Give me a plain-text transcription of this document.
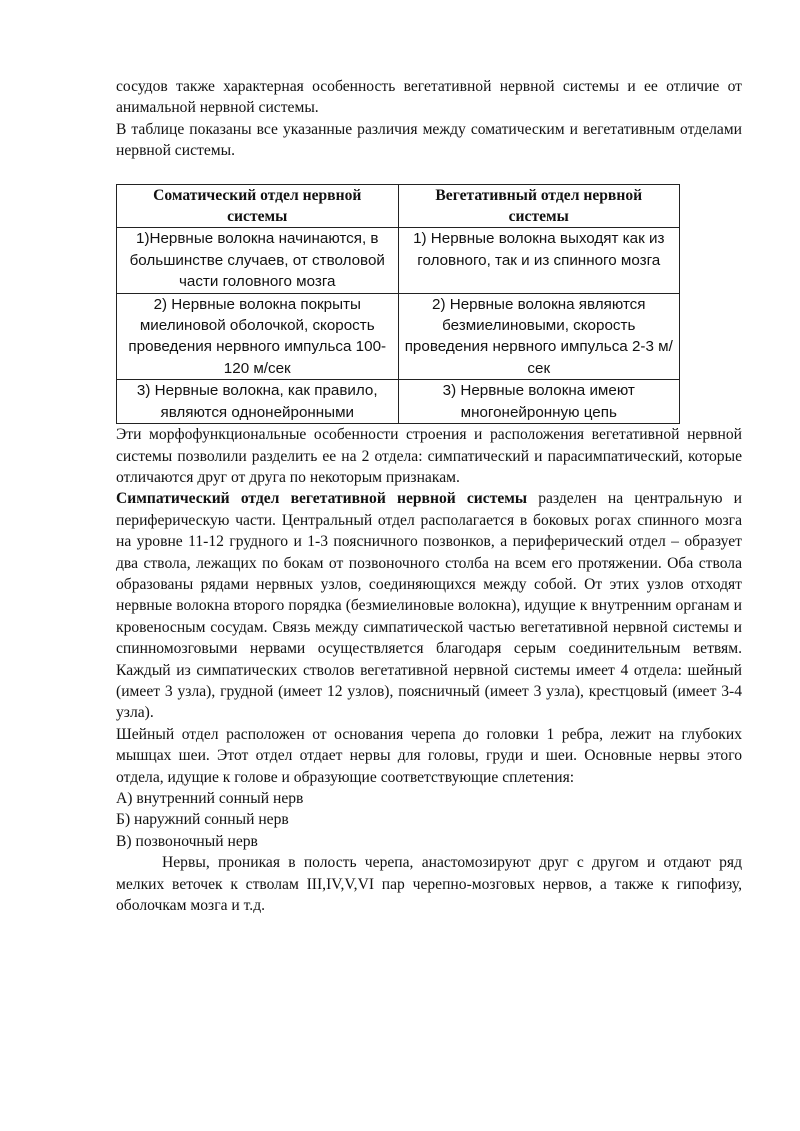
сосудов также характерная особенность вегетативной нервной системы и ее отличие от анимальной нервной системы.

В таблице показаны все указанные различия между соматическим и вегетативным отделами нервной системы.

Соматический отдел нервной системы	Вегетативный отдел нервной системы
1)Нервные волокна начинаются, в большинстве случаев, от стволовой части головного мозга	1) Нервные волокна выходят как из головного, так и из спинного мозга
2) Нервные волокна покрыты миелиновой оболочкой, скорость проведения нервного импульса 100-120 м/сек	2) Нервные волокна являются безмиелиновыми, скорость проведения нервного импульса 2-3 м/сек
3) Нервные волокна, как правило, являются однонейронными	3) Нервные волокна имеют многонейронную цепь

Эти морфофункциональные особенности строения и расположения вегетативной нервной системы позволили разделить ее на 2 отдела: симпатический и парасимпатический, которые отличаются друг от друга по некоторым признакам.

Симпатический отдел вегетативной нервной системы разделен на центральную и периферическую части. Центральный отдел располагается в боковых рогах спинного мозга на уровне 11-12 грудного и 1-3 поясничного позвонков, а периферический отдел – образует два ствола, лежащих по бокам от позвоночного столба на всем его протяжении. Оба ствола образованы рядами нервных узлов, соединяющихся между собой. От этих узлов отходят нервные волокна второго порядка (безмиелиновые волокна), идущие к внутренним органам и кровеносным сосудам. Связь между симпатической частью вегетативной нервной системы и спинномозговыми нервами осуществляется благодаря серым соединительным ветвям. Каждый из симпатических стволов вегетативной нервной системы имеет 4 отдела: шейный (имеет 3 узла), грудной (имеет 12 узлов), поясничный (имеет 3 узла), крестцовый (имеет 3-4 узла).

Шейный отдел расположен от основания черепа до головки 1 ребра, лежит на глубоких мышцах шеи. Этот отдел отдает нервы для головы, груди и шеи. Основные нервы этого отдела, идущие к голове и образующие соответствующие сплетения:

А) внутренний сонный нерв

Б) наружний сонный нерв

В) позвоночный нерв

Нервы, проникая в полость черепа, анастомозируют друг с другом и отдают ряд мелких веточек к стволам III,IV,V,VI пар черепно-мозговых нервов, а также к гипофизу, оболочкам мозга и т.д.
